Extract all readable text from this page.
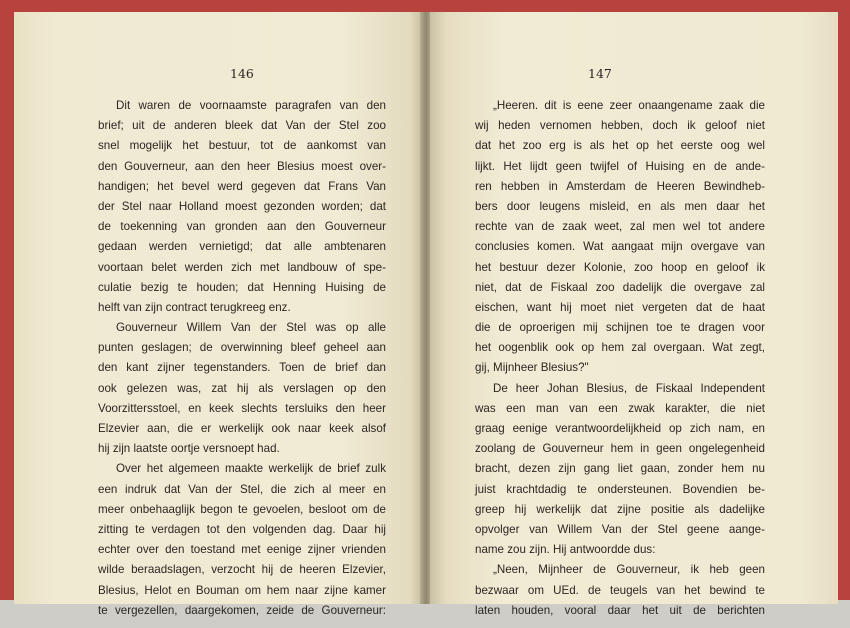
146	147
Dit waren de voornaamste paragrafen van den
brief; uit de anderen bleek dat Van der Stel zoo
snel mogelijk het bestuur, tot de aankomst van
den Gouverneur, aan den heer Blesius moest over-
handigen; het bevel werd gegeven dat Frans Van
der Stel naar Holland moest gezonden worden; dat
de toekenning van gronden aan den Gouverneur
gedaan werden vernietigd; dat alle ambtenaren
voortaan belet werden zich met landbouw of spe-
culatie bezig te houden; dat Henning Huising de
helft van zijn contract terugkreeg enz.
Gouverneur Willem Van der Stel was op alle
punten geslagen; de overwinning bleef geheel aan
den kant zijner tegenstanders. Toen de brief dan
ook gelezen was, zat hij als verslagen op den
Voorzittersstoel, en keek slechts tersluiks den heer
Elzevier aan, die er werkelijk ook naar keek alsof
hij zijn laatste oortje versnoept had.
Over het algemeen maakte werkelijk de brief zulk
een indruk dat Van der Stel, die zich al meer en
meer onbehaaglijk begon te gevoelen, besloot om de
zitting te verdagen tot den volgenden dag. Daar hij
echter over den toestand met eenige zijner vrienden
wilde beraadslagen, verzocht hij de heeren Elzevier,
Blesius, Helot en Bouman om hem naar zijne kamer
te vergezellen, daargekomen, zeide de Gouverneur:
„Heeren. dit is eene zeer onaangename zaak die
wij heden vernomen hebben, doch ik geloof niet
dat het zoo erg is als het op het eerste oog wel
lijkt. Het lijdt geen twijfel of Huising en de ande-
ren hebben in Amsterdam de Heeren Bewindheb-
bers door leugens misleid, en als men daar het
rechte van de zaak weet, zal men wel tot andere
conclusies komen. Wat aangaat mijn overgave van
het bestuur dezer Kolonie, zoo hoop en geloof ik
niet, dat de Fiskaal zoo dadelijk die overgave zal
eischen, want hij moet niet vergeten dat de haat
die de oproerigen mij schijnen toe te dragen voor
het oogenblik ook op hem zal overgaan. Wat zegt,
gij, Mijnheer Blesius?"
De heer Johan Blesius, de Fiskaal Independent
was een man van een zwak karakter, die niet
graag eenige verantwoordelijkheid op zich nam, en
zoolang de Gouverneur hem in geen ongelegenheid
bracht, dezen zijn gang liet gaan, zonder hem nu
juist krachtdadig te ondersteunen. Bovendien be-
greep hij werkelijk dat zijne positie als dadelijke
opvolger van Willem Van der Stel geene aange-
name zou zijn. Hij antwoordde dus:
„Neen, Mijnheer de Gouverneur, ik heb geen
bezwaar om UEd. de teugels van het bewind te
laten houden, vooral daar het uit de berichten
